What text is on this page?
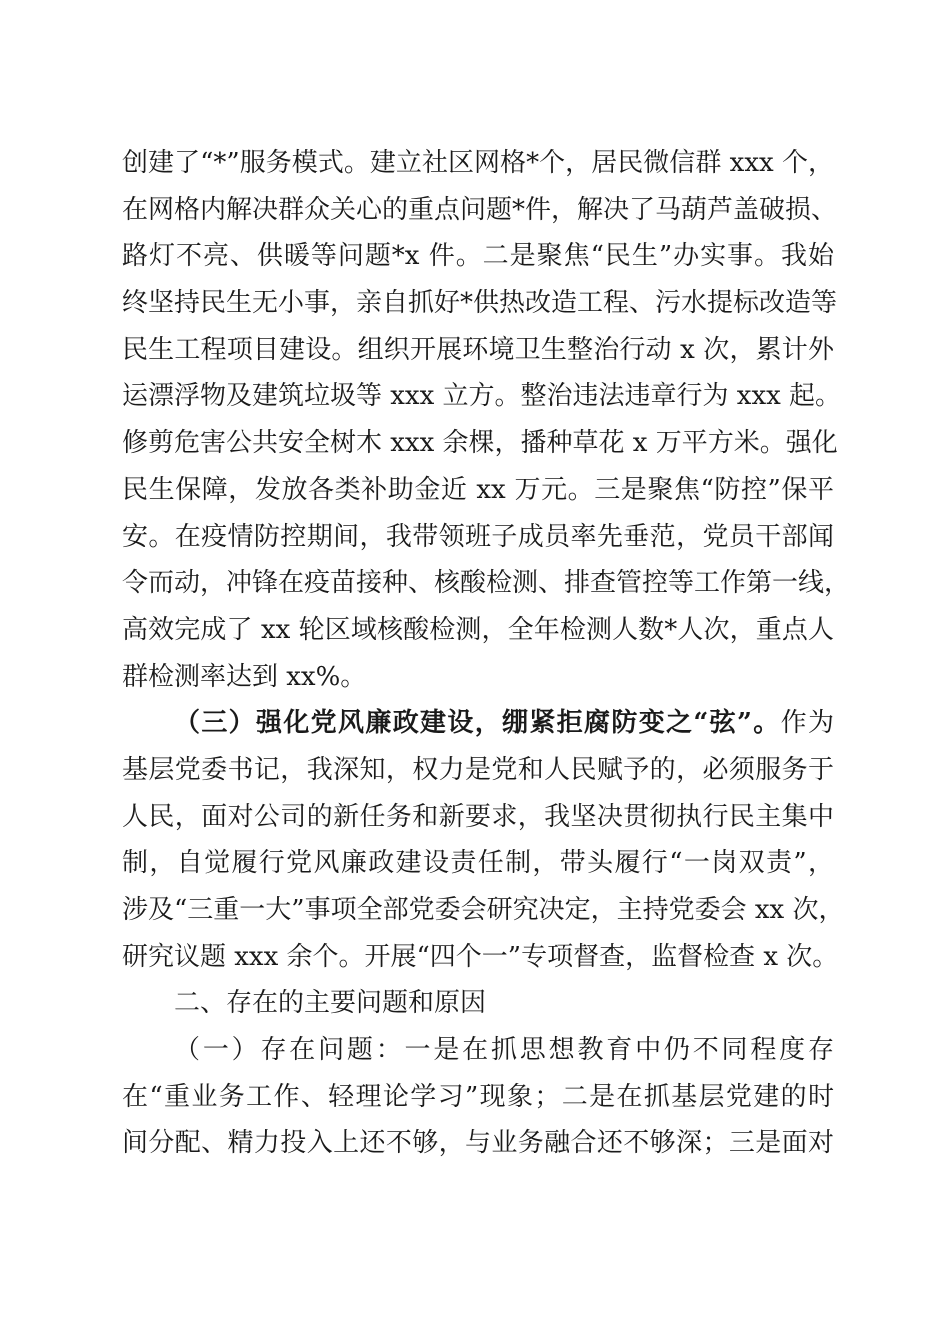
创建了“*”服务模式。建立社区网格*个，居民微信群 xxx 个，
在网格内解决群众关心的重点问题*件，解决了马葫芦盖破损、
路灯不亮、供暖等问题*x 件。二是聚焦“民生”办实事。我始
终坚持民生无小事，亲自抓好*供热改造工程、污水提标改造等
民生工程项目建设。组织开展环境卫生整治行动 x 次，累计外
运漂浮物及建筑垃圾等 xxx 立方。整治违法违章行为 xxx 起。
修剪危害公共安全树木 xxx 余棵，播种草花 x 万平方米。强化
民生保障，发放各类补助金近 xx 万元。三是聚焦“防控”保平
安。在疫情防控期间，我带领班子成员率先垂范，党员干部闻
令而动，冲锋在疫苗接种、核酸检测、排查管控等工作第一线，
高效完成了 xx 轮区域核酸检测，全年检测人数*人次，重点人
群检测率达到 xx%。
（三）强化党风廉政建设，绷紧拒腐防变之“弦”。作为
基层党委书记，我深知，权力是党和人民赋予的，必须服务于
人民，面对公司的新任务和新要求，我坚决贯彻执行民主集中
制，自觉履行党风廉政建设责任制，带头履行“一岗双责”，
涉及“三重一大”事项全部党委会研究决定，主持党委会 xx 次，
研究议题 xxx 余个。开展“四个一”专项督查，监督检查 x 次。
二、存在的主要问题和原因
（一）存在问题：一是在抓思想教育中仍不同程度存
在“重业务工作、轻理论学习”现象；二是在抓基层党建的时
间分配、精力投入上还不够，与业务融合还不够深；三是面对
